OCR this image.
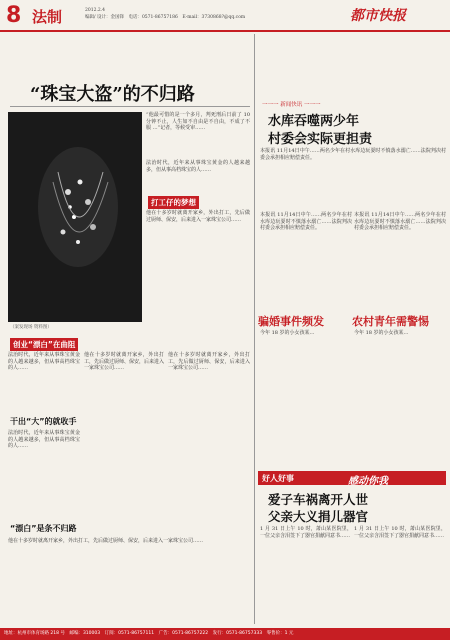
8 法制	2012.2.4
编辑/ 设计：金国锋　电话：0571-86757186　E-mail：3730868?@qq.com	都市快报
“珠宝大盗”的不归路
“他最可惜的是一个多月，判死刑后日前了 10 分钟不止，人生如不自由是不自由，不成了不服 …”记者，等候受审……
（案发现场 资料图）
法治时代，近年来从事珠宝黄金的人越来越多，但从事高档珠宝的人……
打工仔的梦想
他在十多岁时就离开家乡，外出打工，先后做过厨师、保安，后来进入一家珠宝公司……
创业“漂白”在曲阻
法治时代，近年来从事珠宝黄金的人越来越多，但从事高档珠宝的人……
他在十多岁时就离开家乡，外出打工，先后做过厨师、保安，后来进入一家珠宝公司……
他在十多岁时就离开家乡，外出打工，先后做过厨师、保安，后来进入一家珠宝公司……
干出“大”的就收手
法治时代，近年来从事珠宝黄金的人越来越多，但从事高档珠宝的人……
“漂白”是条不归路
他在十多岁时就离开家乡，外出打工，先后做过厨师、保安，后来进入一家珠宝公司……
一一一 新闻快讯 一一一
水库吞噬两少年
村委会实际更担责
本报讯 11月14日中午……两名少年在村水库边玩耍时不慎落水溺亡……法院判决村委会承担相应赔偿责任。
本报讯 11月14日中午……两名少年在村水库边玩耍时不慎落水溺亡……法院判决村委会承担相应赔偿责任。
本报讯 11月14日中午……两名少年在村水库边玩耍时不慎落水溺亡……法院判决村委会承担相应赔偿责任。
骗婚事件频发	农村青年需警惕
今年 18 岁的小女孩某…	今年 18 岁的小女孩某…
好人好事	感动你我
爱子车祸离开人世
父亲大义捐儿器官
1 月 31 日上午 10 时，萧山某医院里，一位父亲含泪签下了器官捐献同意书……
1 月 31 日上午 10 时，萧山某医院里，一位父亲含泪签下了器官捐献同意书……
地址：杭州市体育场路 218 号　邮编：310003　订阅：0571-86757111　广告：0571-86757222　发行：0571-86757333　零售价：1 元
